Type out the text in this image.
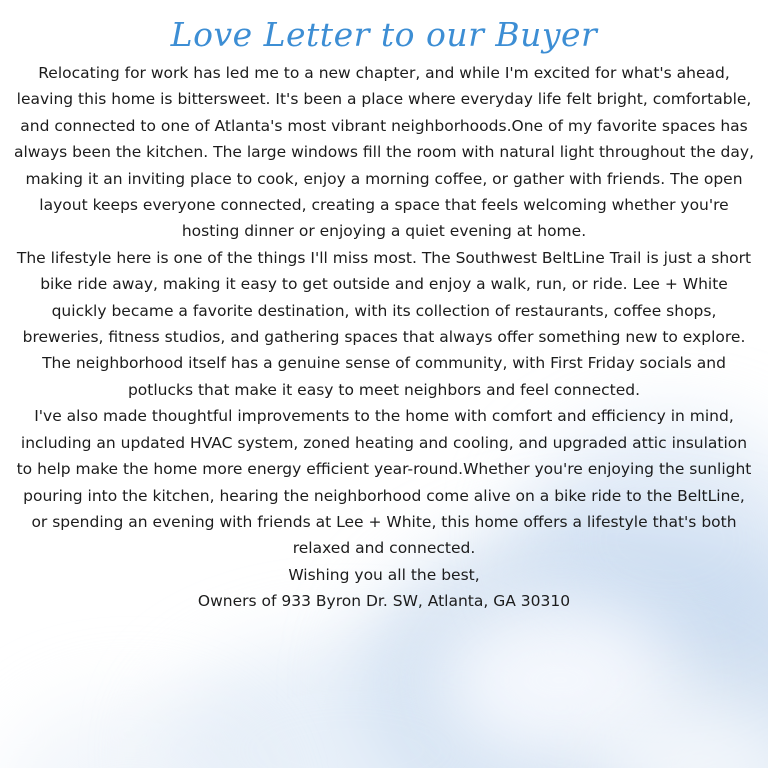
Love Letter to our Buyer

Relocating for work has led me to a new chapter, and while I'm excited for what's ahead, leaving this home is bittersweet. It's been a place where everyday life felt bright, comfortable, and connected to one of Atlanta's most vibrant neighborhoods.One of my favorite spaces has always been the kitchen. The large windows fill the room with natural light throughout the day, making it an inviting place to cook, enjoy a morning coffee, or gather with friends. The open layout keeps everyone connected, creating a space that feels welcoming whether you're hosting dinner or enjoying a quiet evening at home.

The lifestyle here is one of the things I'll miss most. The Southwest BeltLine Trail is just a short bike ride away, making it easy to get outside and enjoy a walk, run, or ride. Lee + White quickly became a favorite destination, with its collection of restaurants, coffee shops, breweries, fitness studios, and gathering spaces that always offer something new to explore. The neighborhood itself has a genuine sense of community, with First Friday socials and potlucks that make it easy to meet neighbors and feel connected.

I've also made thoughtful improvements to the home with comfort and efficiency in mind, including an updated HVAC system, zoned heating and cooling, and upgraded attic insulation to help make the home more energy efficient year-round.Whether you're enjoying the sunlight pouring into the kitchen, hearing the neighborhood come alive on a bike ride to the BeltLine, or spending an evening with friends at Lee + White, this home offers a lifestyle that's both relaxed and connected.

Wishing you all the best,

Owners of 933 Byron Dr. SW, Atlanta, GA 30310
